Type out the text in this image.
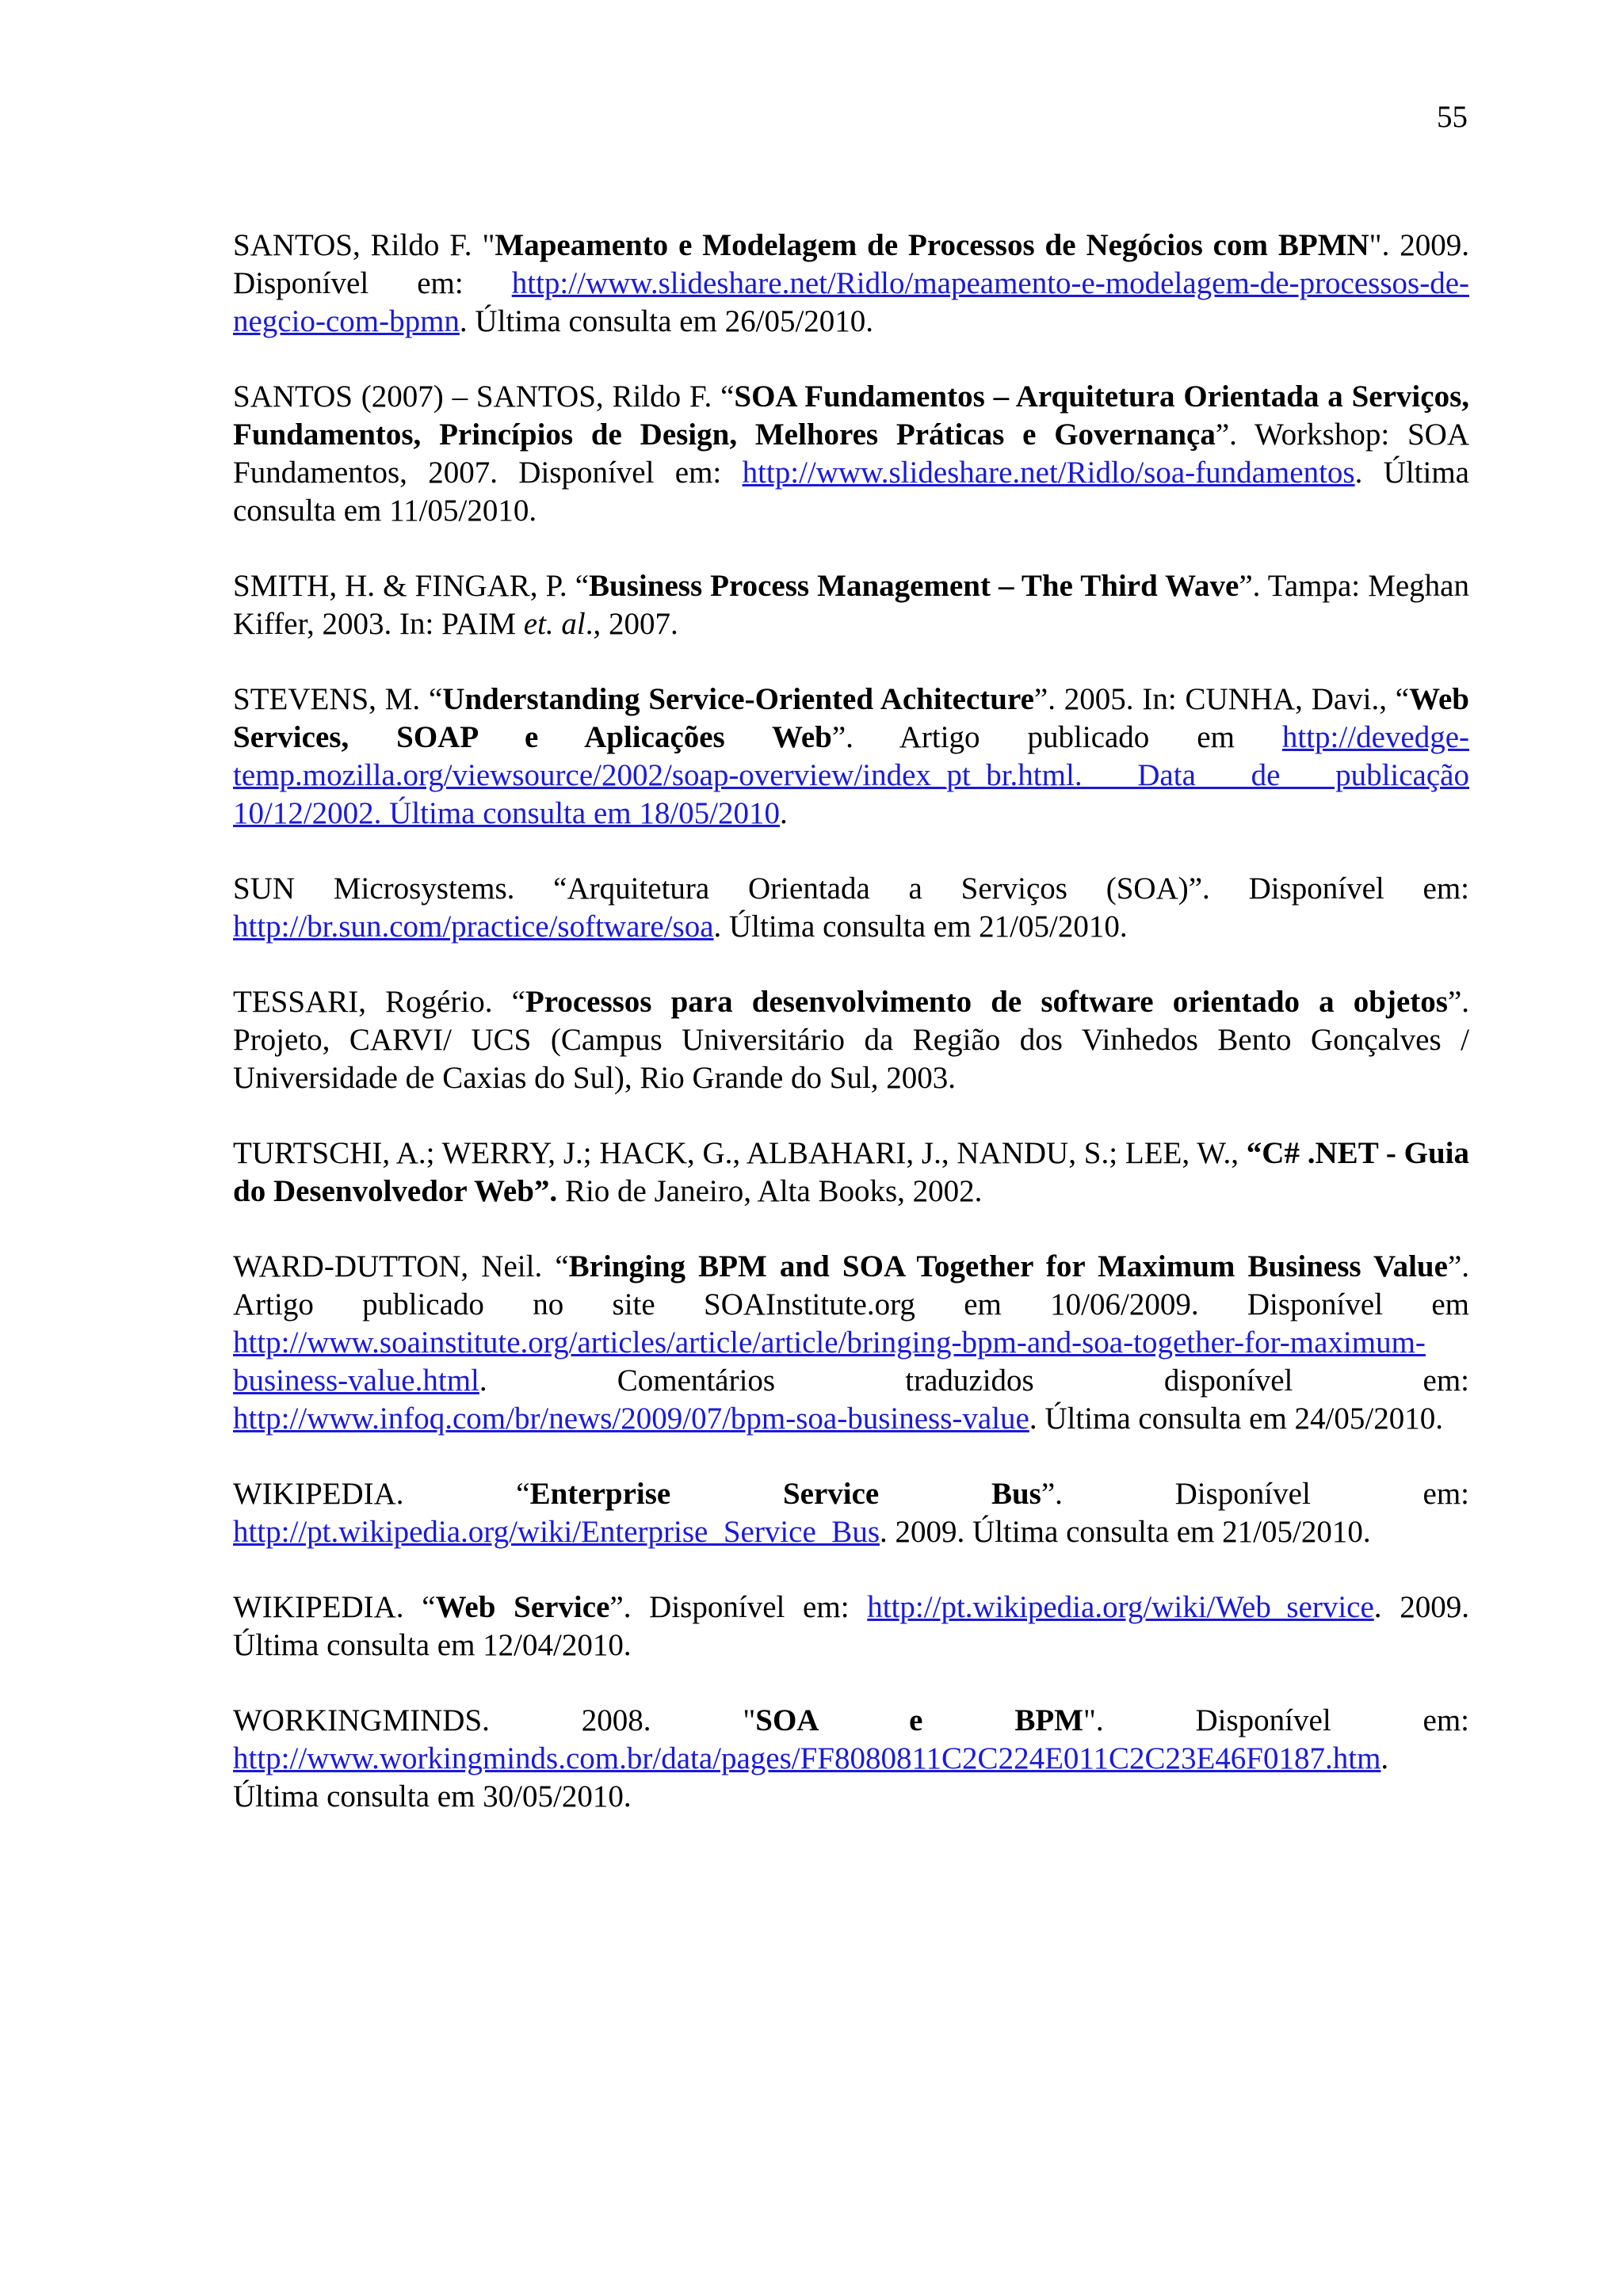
55

SANTOS, Rildo F. "Mapeamento e Modelagem de Processos de Negócios com BPMN". 2009. Disponível em: http://www.slideshare.net/Ridlo/mapeamento-e-modelagem-de-processos-de-negcio-com-bpmn. Última consulta em 26/05/2010.

SANTOS (2007) – SANTOS, Rildo F. “SOA Fundamentos – Arquitetura Orientada a Serviços, Fundamentos, Princípios de Design, Melhores Práticas e Governança”. Workshop: SOA Fundamentos, 2007. Disponível em: http://www.slideshare.net/Ridlo/soa-fundamentos. Última consulta em 11/05/2010.

SMITH, H. & FINGAR, P. “Business Process Management – The Third Wave”. Tampa: Meghan Kiffer, 2003. In: PAIM et. al., 2007.

STEVENS, M. “Understanding Service-Oriented Achitecture”. 2005. In: CUNHA, Davi., “Web Services, SOAP e Aplicações Web”. Artigo publicado em http://devedge-temp.mozilla.org/viewsource/2002/soap-overview/index_pt_br.html. Data de publicação 10/12/2002. Última consulta em 18/05/2010.

SUN Microsystems. “Arquitetura Orientada a Serviços (SOA)”. Disponível em: http://br.sun.com/practice/software/soa. Última consulta em 21/05/2010.

TESSARI, Rogério. “Processos para desenvolvimento de software orientado a objetos”. Projeto, CARVI/ UCS (Campus Universitário da Região dos Vinhedos Bento Gonçalves / Universidade de Caxias do Sul), Rio Grande do Sul, 2003.

TURTSCHI, A.; WERRY, J.; HACK, G., ALBAHARI, J., NANDU, S.; LEE, W., “C# .NET - Guia do Desenvolvedor Web”. Rio de Janeiro, Alta Books, 2002.

WARD-DUTTON, Neil. “Bringing BPM and SOA Together for Maximum Business Value”. Artigo publicado no site SOAInstitute.org em 10/06/2009. Disponível em http://www.soainstitute.org/articles/article/article/bringing-bpm-and-soa-together-for-maximum-business-value.html. Comentários traduzidos disponível em: http://www.infoq.com/br/news/2009/07/bpm-soa-business-value. Última consulta em 24/05/2010.

WIKIPEDIA. “Enterprise Service Bus”. Disponível em: http://pt.wikipedia.org/wiki/Enterprise_Service_Bus. 2009. Última consulta em 21/05/2010.

WIKIPEDIA. “Web Service”. Disponível em: http://pt.wikipedia.org/wiki/Web_service. 2009. Última consulta em 12/04/2010.

WORKINGMINDS. 2008. "SOA e BPM". Disponível em: http://www.workingminds.com.br/data/pages/FF8080811C2C224E011C2C23E46F0187.htm. Última consulta em 30/05/2010.
